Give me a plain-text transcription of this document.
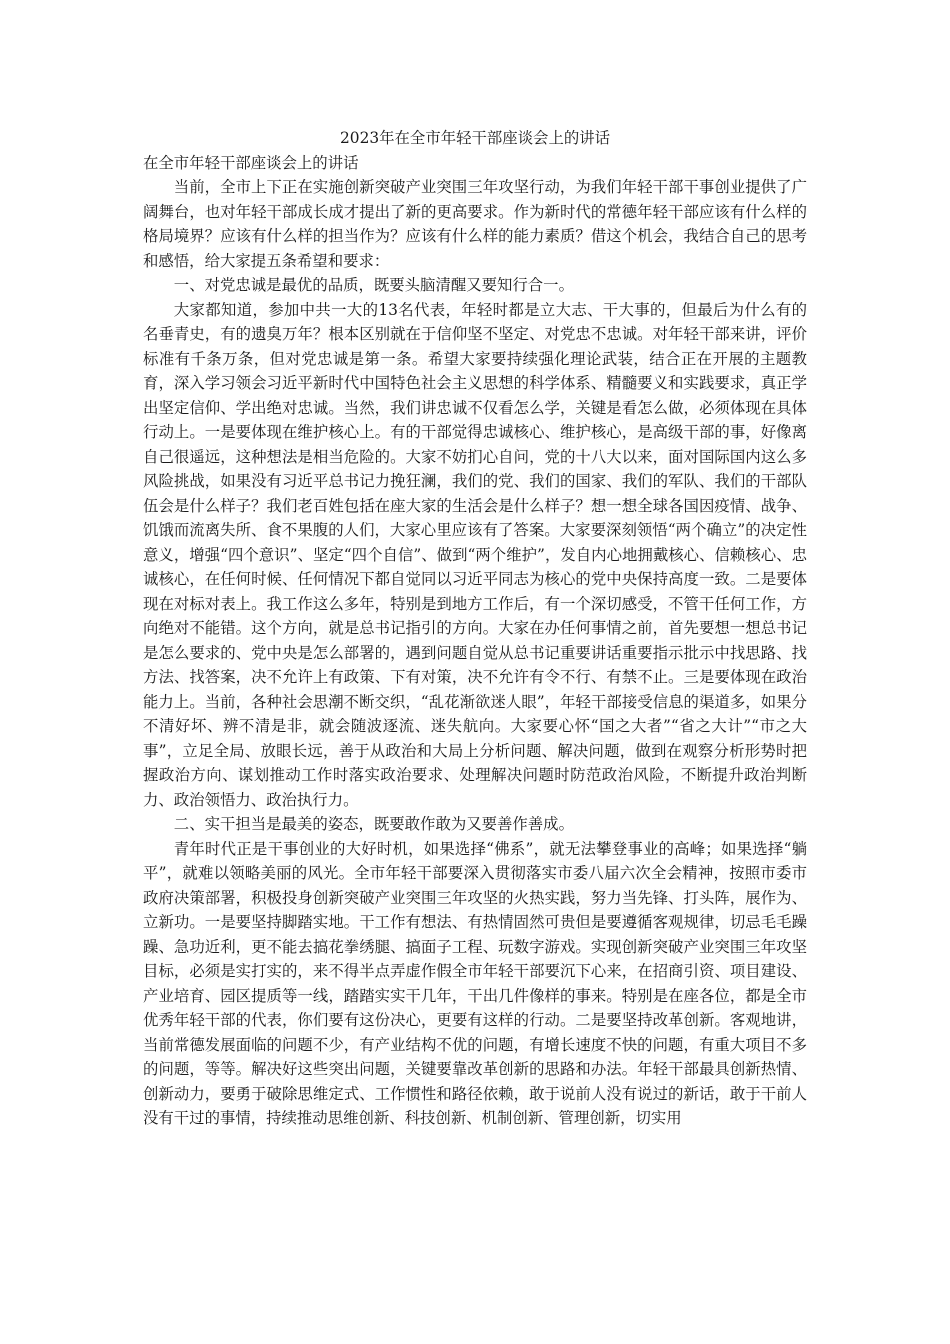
2023年在全市年轻干部座谈会上的讲话

在全市年轻干部座谈会上的讲话

当前，全市上下正在实施创新突破产业突围三年攻坚行动，为我们年轻干部干事创业提供了广阔舞台，也对年轻干部成长成才提出了新的更高要求。作为新时代的常德年轻干部应该有什么样的格局境界？应该有什么样的担当作为？应该有什么样的能力素质？借这个机会，我结合自己的思考和感悟，给大家提五条希望和要求：

一、对党忠诚是最优的品质，既要头脑清醒又要知行合一。

大家都知道，参加中共一大的13名代表，年轻时都是立大志、干大事的，但最后为什么有的名垂青史，有的遗臭万年？根本区别就在于信仰坚不坚定、对党忠不忠诚。对年轻干部来讲，评价标准有千条万条，但对党忠诚是第一条。希望大家要持续强化理论武装，结合正在开展的主题教育，深入学习领会习近平新时代中国特色社会主义思想的科学体系、精髓要义和实践要求，真正学出坚定信仰、学出绝对忠诚。当然，我们讲忠诚不仅看怎么学，关键是看怎么做，必须体现在具体行动上。一是要体现在维护核心上。有的干部觉得忠诚核心、维护核心，是高级干部的事，好像离自己很遥远，这种想法是相当危险的。大家不妨扪心自问，党的十八大以来，面对国际国内这么多风险挑战，如果没有习近平总书记力挽狂澜，我们的党、我们的国家、我们的军队、我们的干部队伍会是什么样子？我们老百姓包括在座大家的生活会是什么样子？想一想全球各国因疫情、战争、饥饿而流离失所、食不果腹的人们，大家心里应该有了答案。大家要深刻领悟“两个确立”的决定性意义，增强“四个意识”、坚定“四个自信”、做到“两个维护”，发自内心地拥戴核心、信赖核心、忠诚核心，在任何时候、任何情况下都自觉同以习近平同志为核心的党中央保持高度一致。二是要体现在对标对表上。我工作这么多年，特别是到地方工作后，有一个深切感受，不管干任何工作，方向绝对不能错。这个方向，就是总书记指引的方向。大家在办任何事情之前，首先要想一想总书记是怎么要求的、党中央是怎么部署的，遇到问题自觉从总书记重要讲话重要指示批示中找思路、找方法、找答案，决不允许上有政策、下有对策，决不允许有令不行、有禁不止。三是要体现在政治能力上。当前，各种社会思潮不断交织，“乱花渐欲迷人眼”，年轻干部接受信息的渠道多，如果分不清好坏、辨不清是非，就会随波逐流、迷失航向。大家要心怀“国之大者”“省之大计”“市之大事”，立足全局、放眼长远，善于从政治和大局上分析问题、解决问题，做到在观察分析形势时把握政治方向、谋划推动工作时落实政治要求、处理解决问题时防范政治风险，不断提升政治判断力、政治领悟力、政治执行力。

二、实干担当是最美的姿态，既要敢作敢为又要善作善成。

青年时代正是干事创业的大好时机，如果选择“佛系”，就无法攀登事业的高峰；如果选择“躺平”，就难以领略美丽的风光。全市年轻干部要深入贯彻落实市委八届六次全会精神，按照市委市政府决策部署，积极投身创新突破产业突围三年攻坚的火热实践，努力当先锋、打头阵，展作为、立新功。一是要坚持脚踏实地。干工作有想法、有热情固然可贵但是要遵循客观规律，切忌毛毛躁躁、急功近利，更不能去搞花拳绣腿、搞面子工程、玩数字游戏。实现创新突破产业突围三年攻坚目标，必须是实打实的，来不得半点弄虚作假全市年轻干部要沉下心来，在招商引资、项目建设、产业培育、园区提质等一线，踏踏实实干几年，干出几件像样的事来。特别是在座各位，都是全市优秀年轻干部的代表，你们要有这份决心，更要有这样的行动。二是要坚持改革创新。客观地讲，当前常德发展面临的问题不少，有产业结构不优的问题，有增长速度不快的问题，有重大项目不多的问题，等等。解决好这些突出问题，关键要靠改革创新的思路和办法。年轻干部最具创新热情、创新动力，要勇于破除思维定式、工作惯性和路径依赖，敢于说前人没有说过的新话，敢于干前人没有干过的事情，持续推动思维创新、科技创新、机制创新、管理创新，切实用
